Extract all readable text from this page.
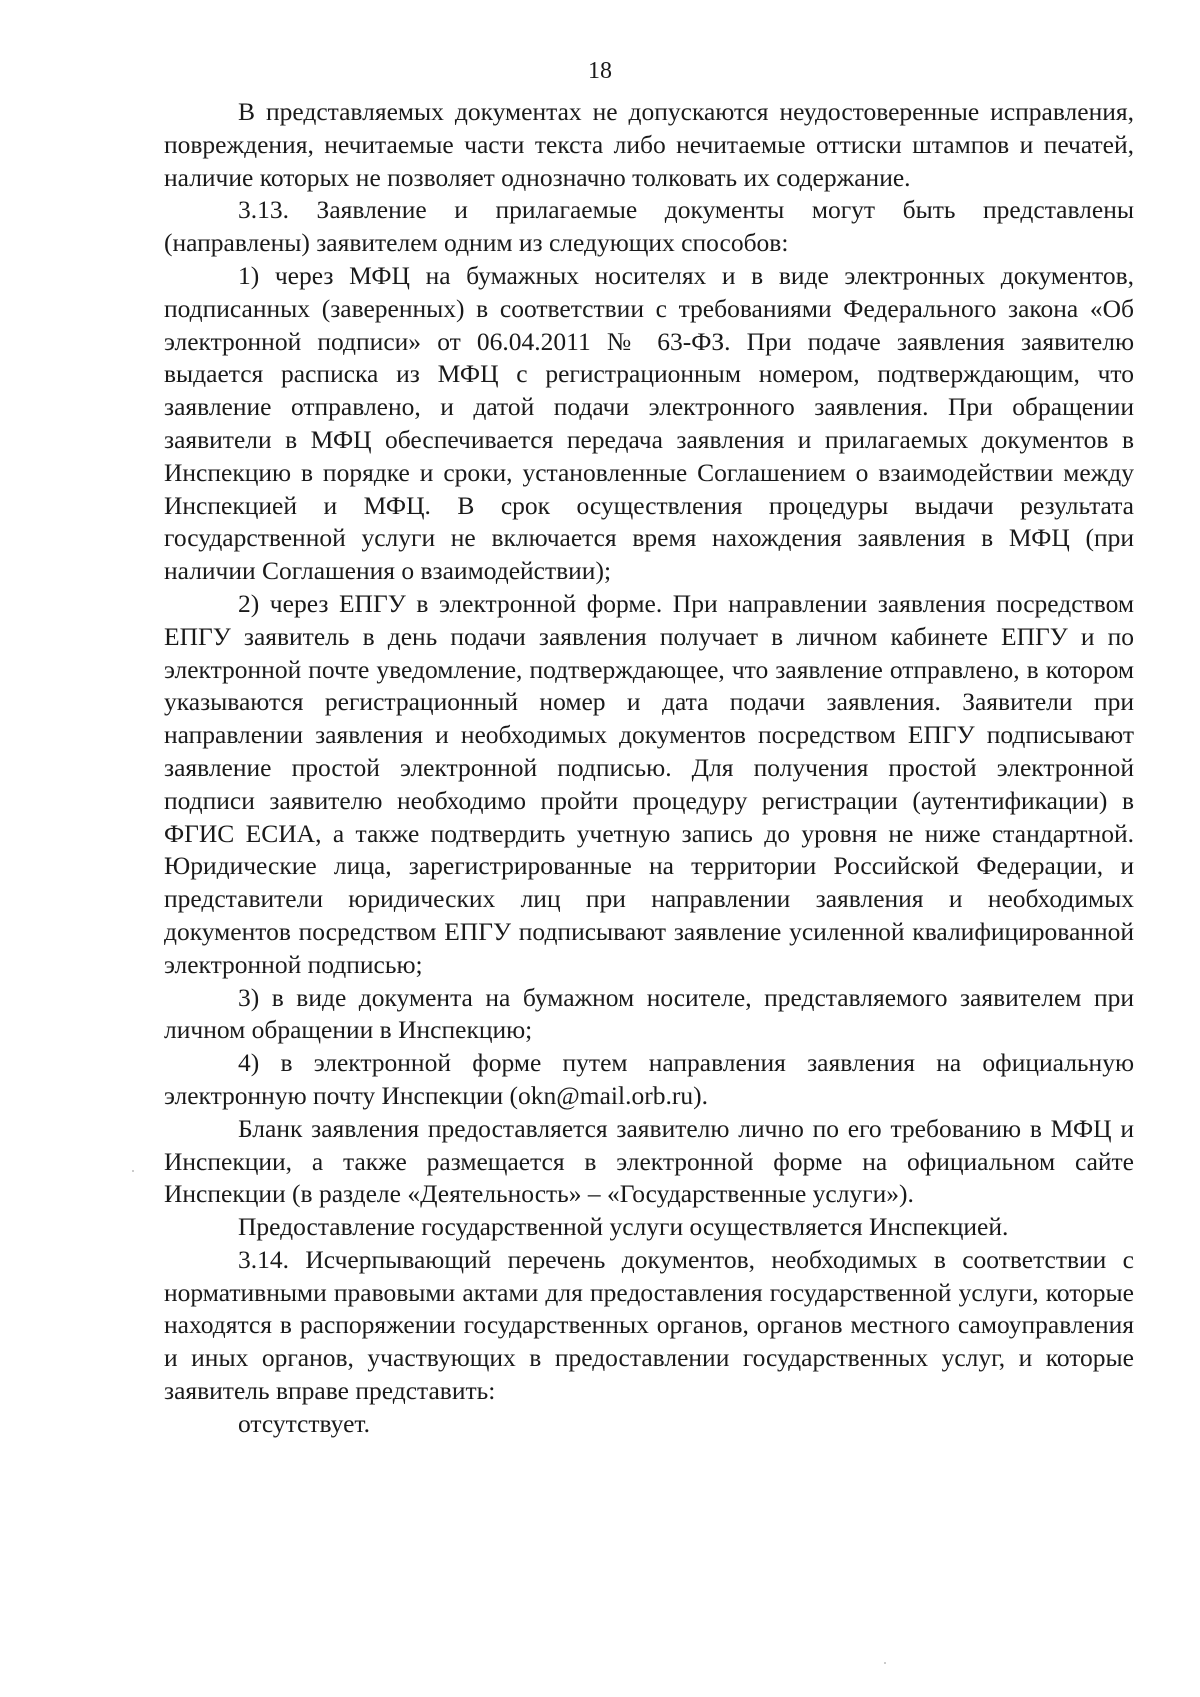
18

В представляемых документах не допускаются неудостоверенные исправления, повреждения, нечитаемые части текста либо нечитаемые оттиски штампов и печатей, наличие которых не позволяет однозначно толковать их содержание.

3.13. Заявление и прилагаемые документы могут быть представлены (направлены) заявителем одним из следующих способов:

1) через МФЦ на бумажных носителях и в виде электронных документов, подписанных (заверенных) в соответствии с требованиями Федерального закона «Об электронной подписи» от 06.04.2011 № 63-ФЗ. При подаче заявления заявителю выдается расписка из МФЦ с регистрационным номером, подтверждающим, что заявление отправлено, и датой подачи электронного заявления. При обращении заявители в МФЦ обеспечивается передача заявления и прилагаемых документов в Инспекцию в порядке и сроки, установленные Соглашением о взаимодействии между Инспекцией и МФЦ. В срок осуществления процедуры выдачи результата государственной услуги не включается время нахождения заявления в МФЦ (при наличии Соглашения о взаимодействии);

2) через ЕПГУ в электронной форме. При направлении заявления посредством ЕПГУ заявитель в день подачи заявления получает в личном кабинете ЕПГУ и по электронной почте уведомление, подтверждающее, что заявление отправлено, в котором указываются регистрационный номер и дата подачи заявления. Заявители при направлении заявления и необходимых документов посредством ЕПГУ подписывают заявление простой электронной подписью. Для получения простой электронной подписи заявителю необходимо пройти процедуру регистрации (аутентификации) в ФГИС ЕСИА, а также подтвердить учетную запись до уровня не ниже стандартной. Юридические лица, зарегистрированные на территории Российской Федерации, и представители юридических лиц при направлении заявления и необходимых документов посредством ЕПГУ подписывают заявление усиленной квалифицированной электронной подписью;

3) в виде документа на бумажном носителе, представляемого заявителем при личном обращении в Инспекцию;

4) в электронной форме путем направления заявления на официальную электронную почту Инспекции (okn@mail.orb.ru).

Бланк заявления предоставляется заявителю лично по его требованию в МФЦ и Инспекции, а также размещается в электронной форме на официальном сайте Инспекции (в разделе «Деятельность» – «Государственные услуги»).

Предоставление государственной услуги осуществляется Инспекцией.

3.14. Исчерпывающий перечень документов, необходимых в соответствии с нормативными правовыми актами для предоставления государственной услуги, которые находятся в распоряжении государственных органов, органов местного самоуправления и иных органов, участвующих в предоставлении государственных услуг, и которые заявитель вправе представить:

отсутствует.
